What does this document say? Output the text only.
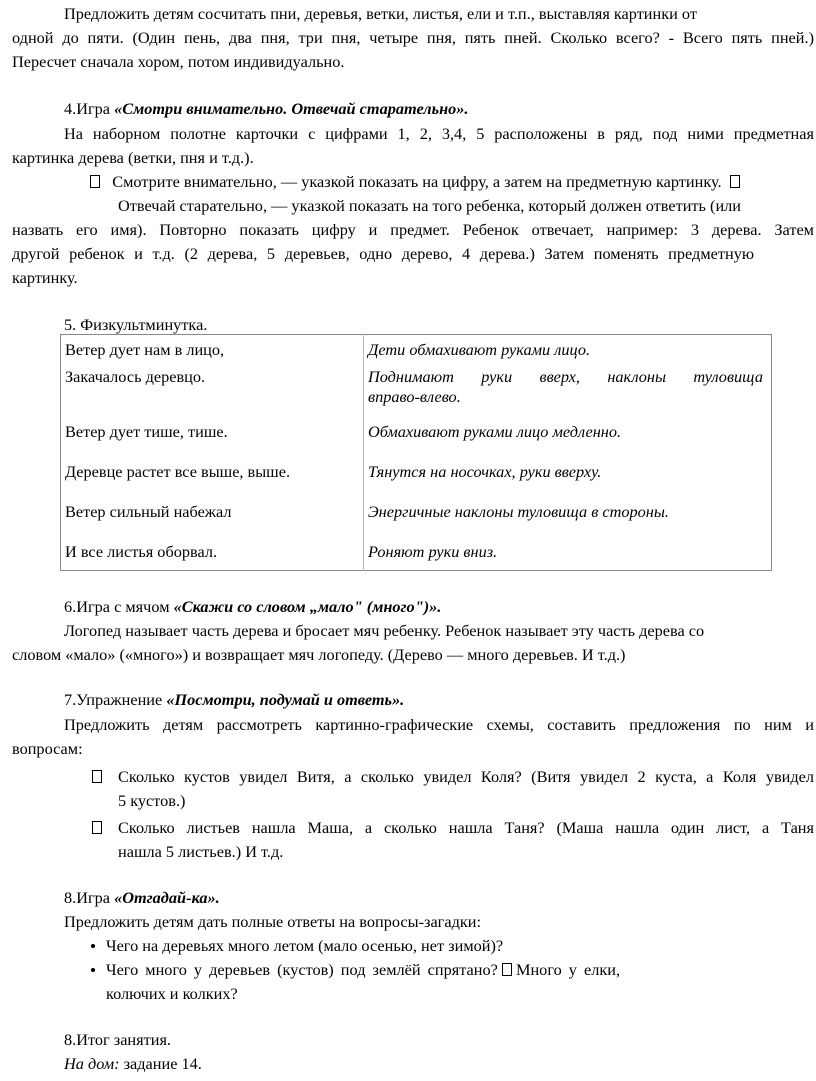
Предложить детям сосчитать пни, деревья, ветки, листья, ели и т.п., выставляя картинки от
одной до пяти. (Один пень, два пня, три пня, четыре пня, пять пней. Сколько всего? - Всего пять пней.)
Пересчет сначала хором, потом индивидуально.
4.Игра «Смотри внимательно. Отвечай старательно».
На наборном полотне карточки с цифрами 1, 2, 3,4, 5 расположены в ряд, под ними предметная
картинка дерева (ветки, пня и т.д.).
Смотрите внимательно, — указкой показать на цифру, а затем на предметную картинку.
Отвечай старательно, — указкой показать на того ребенка, который должен ответить (или
назвать его имя). Повторно показать цифру и предмет. Ребенок отвечает, например: 3 дерева. Затем
другой ребенок и т.д. (2 дерева, 5 деревьев, одно дерево, 4 дерева.) Затем поменять предметную
картинку.
5. Физкультминутка.
Ветер дует нам в лицо,	Дети обмахивают руками лицо.
Закачалось деревцо.	Поднимают руки вверх, наклоны туловища
вправо-влево.

Ветер дует тише, тише.	Обмахивают руками лицо медленно.
Деревце растет все выше, выше.	Тянутся на носочках, руки вверху.
Ветер сильный набежал	Энергичные наклоны туловища в стороны.
И все листья оборвал.	Роняют руки вниз.
6.Игра с мячом «Скажи со словом „мало" (много")».
Логопед называет часть дерева и бросает мяч ребенку. Ребенок называет эту часть дерева со
словом «мало» («много») и возвращает мяч логопеду. (Дерево — много деревьев. И т.д.)
7.Упражнение «Посмотри, подумай и ответь».
Предложить детям рассмотреть картинно-графические схемы, составить предложения по ним и
вопросам:
Сколько кустов увидел Витя, а сколько увидел Коля? (Витя увидел 2 куста, а Коля увидел
5 кустов.)
Сколько листьев нашла Маша, а сколько нашла Таня? (Маша нашла один лист, а Таня
нашла 5 листьев.) И т.д.
8.Игра «Отгадай-ка».
Предложить детям дать полные ответы на вопросы-загадки:
Чего на деревьях много летом (мало осенью, нет зимой)?
Чего много у деревьев (кустов) под землёй спрятано? Много у елки,
колючих и колких?
8.Итог занятия.
На дом: задание 14.
